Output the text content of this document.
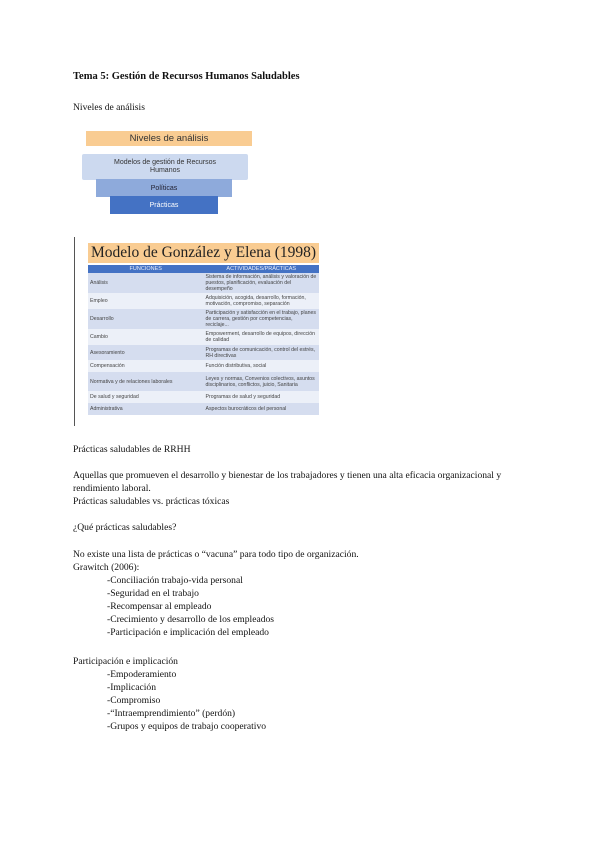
Tema 5: Gestión de Recursos Humanos Saludables
Niveles de análisis
Niveles de análisis
Modelos de gestión de Recursos Humanos
Políticas
Prácticas
Modelo de González y Elena (1998)
FUNCIONES	ACTIVIDADES/PRÁCTICAS
Análisis	Sistema de información, análisis y valoración de puestos, planificación, evaluación del desempeño
Empleo	Adquisición, acogida, desarrollo, formación, motivación, compromiso, separación
Desarrollo	Participación y satisfacción en el trabajo, planes de carrera, gestión por competencias, reciclaje...
Cambio	Empowerment, desarrollo de equipos, dirección de calidad
Asesoramiento	Programas de comunicación, control del estrés, RH directivas
Compensación	Función distributiva, social
Normativa y de relaciones laborales	Leyes y normas, Convenios colectivos, asuntos disciplinarios, conflictos, juicio, Sanitaria
De salud y seguridad	Programas de salud y seguridad
Administrativa	Aspectos burocráticos del personal
Prácticas saludables de RRHH
Aquellas que promueven el desarrollo y bienestar de los trabajadores y tienen una alta eficacia organizacional y
rendimiento laboral.
Prácticas saludables vs. prácticas tóxicas
¿Qué prácticas saludables?
No existe una lista de prácticas o “vacuna” para todo tipo de organización.
Grawitch (2006):
-Conciliación trabajo-vida personal
-Seguridad en el trabajo
-Recompensar al empleado
-Crecimiento y desarrollo de los empleados
-Participación e implicación del empleado
Participación e implicación
-Empoderamiento
-Implicación
-Compromiso
-“Intraemprendimiento” (perdón)
-Grupos y equipos de trabajo cooperativo
